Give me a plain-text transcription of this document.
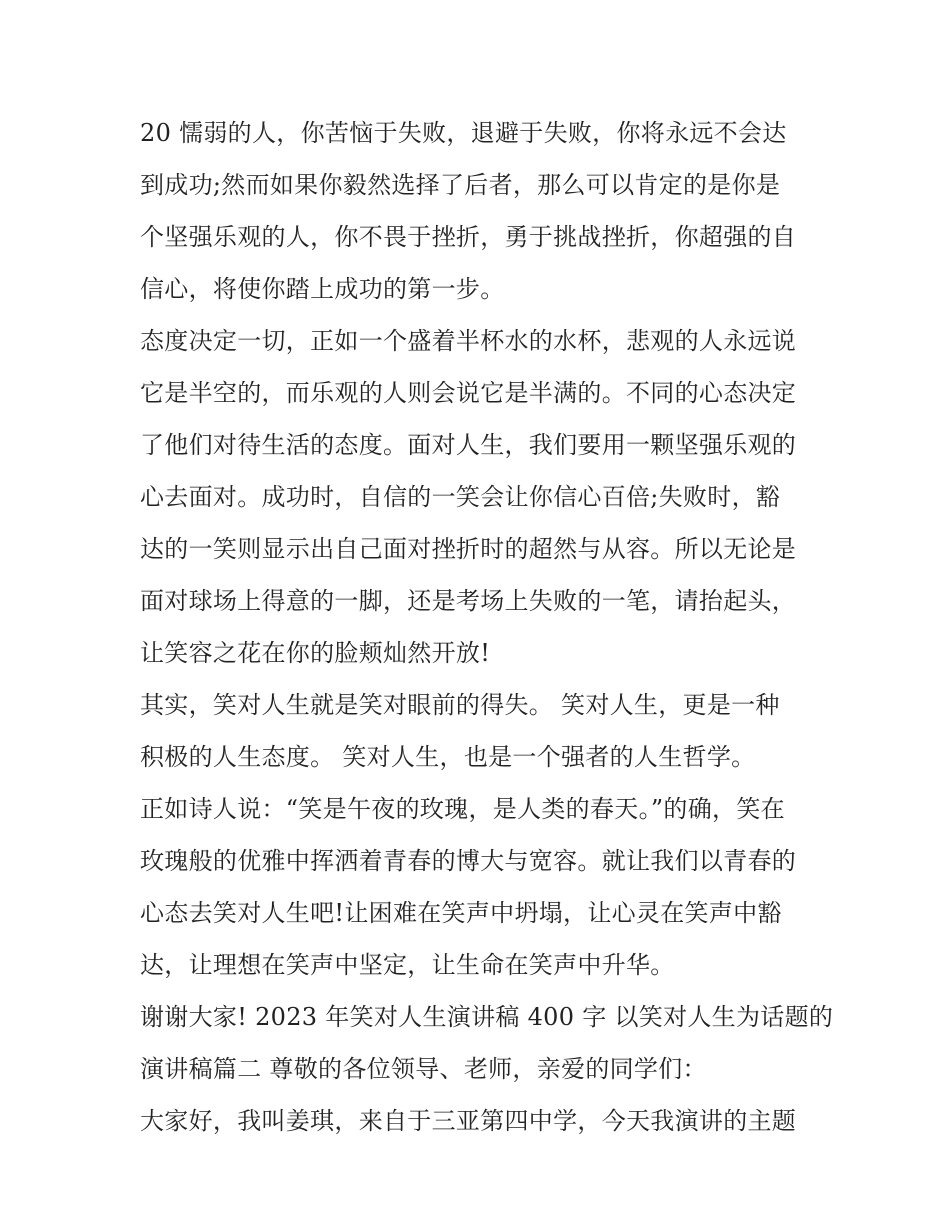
20 懦弱的人，你苦恼于失败，退避于失败，你将永远不会达
到成功;然而如果你毅然选择了后者，那么可以肯定的是你是
个坚强乐观的人，你不畏于挫折，勇于挑战挫折，你超强的自
信心，将使你踏上成功的第一步。
态度决定一切，正如一个盛着半杯水的水杯，悲观的人永远说
它是半空的，而乐观的人则会说它是半满的。不同的心态决定
了他们对待生活的态度。面对人生，我们要用一颗坚强乐观的
心去面对。成功时，自信的一笑会让你信心百倍;失败时，豁
达的一笑则显示出自己面对挫折时的超然与从容。所以无论是
面对球场上得意的一脚，还是考场上失败的一笔，请抬起头，
让笑容之花在你的脸颊灿然开放!
其实，笑对人生就是笑对眼前的得失。 笑对人生，更是一种
积极的人生态度。 笑对人生，也是一个强者的人生哲学。
正如诗人说：“笑是午夜的玫瑰，是人类的春天。”的确，笑在
玫瑰般的优雅中挥洒着青春的博大与宽容。就让我们以青春的
心态去笑对人生吧!让困难在笑声中坍塌，让心灵在笑声中豁
达，让理想在笑声中坚定，让生命在笑声中升华。
谢谢大家! 2023 年笑对人生演讲稿 400 字 以笑对人生为话题的
演讲稿篇二 尊敬的各位领导、老师，亲爱的同学们：
大家好，我叫姜琪，来自于三亚第四中学，今天我演讲的主题
